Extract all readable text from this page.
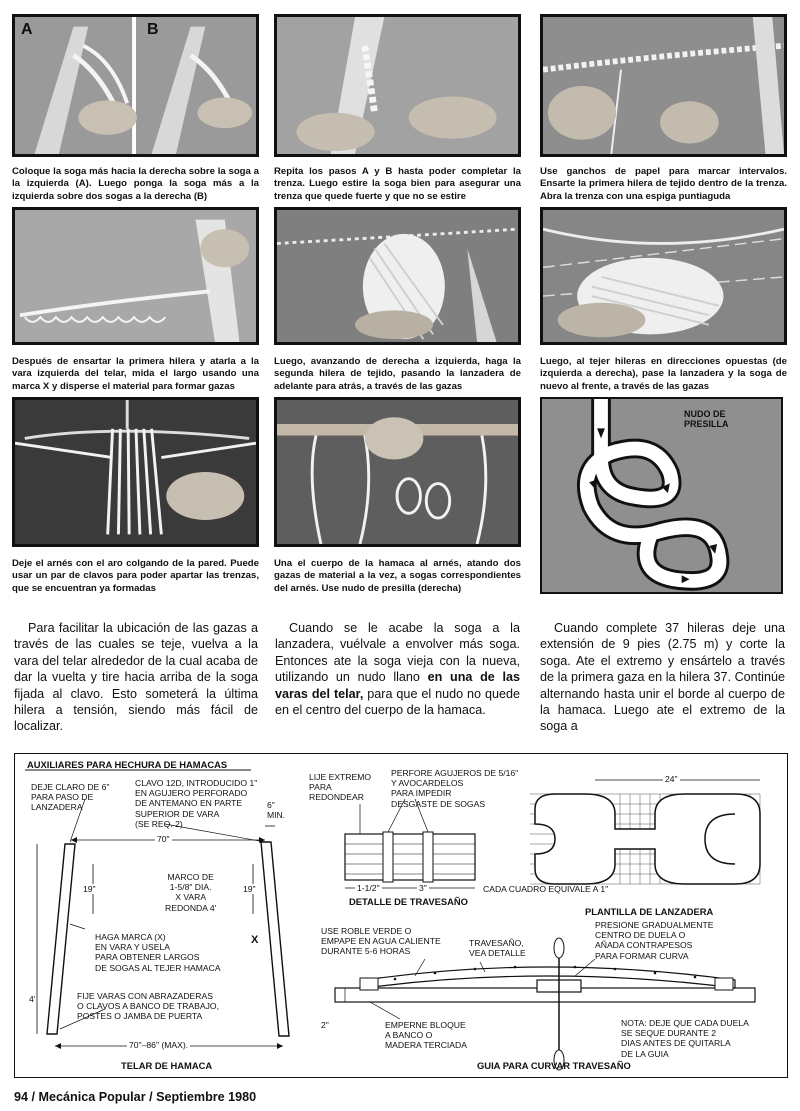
A	B
Coloque la soga más hacia la derecha sobre la soga a la izquierda (A). Luego ponga la soga más a la izquierda sobre dos sogas a la derecha (B)
Repita los pasos A y B hasta poder completar la trenza. Luego estire la soga bien para asegurar una trenza que quede fuerte y que no se estire
Use ganchos de papel para marcar intervalos. Ensarte la primera hilera de tejido dentro de la trenza. Abra la trenza con una espiga puntiaguda
Después de ensartar la primera hilera y atarla a la vara izquierda del telar, mida el largo usando una marca X y disperse el material para formar gazas
Luego, avanzando de derecha a izquierda, haga la segunda hilera de tejido, pasando la lanzadera de adelante para atrás, a través de las gazas
Luego, al tejer hileras en direcciones opuestas (de izquierda a derecha), pase la lanzadera y la soga de nuevo al frente, a través de las gazas
Deje el arnés con el aro colgando de la pared. Puede usar un par de clavos para poder apartar las trenzas, que se encuentran ya formadas
Una el cuerpo de la hamaca al arnés, atando dos gazas de material a la vez, a sogas correspondientes del arnés. Use nudo de presilla (derecha)
NUDO DE
PRESILLA
Para facilitar la ubicación de las gazas a través de las cuales se teje, vuelva a la vara del telar alrededor de la cual acaba de dar la vuelta y tire hacia arriba de la soga fijada al clavo. Esto someterá la última hilera a tensión, siendo más fácil de localizar.
Cuando se le acabe la soga a la lanzadera, vuélvale a envolver más soga. Entonces ate la soga vieja con la nueva, utilizando un nudo llano en una de las varas del telar, para que el nudo no quede en el centro del cuerpo de la hamaca.
Cuando complete 37 hileras deje una extensión de 9 pies (2.75 m) y corte la soga. Ate el extremo y ensártelo a través de la primera gaza en la hilera 37. Continúe alternando hasta unir el borde al cuerpo de la hamaca. Luego ate el extremo de la soga a
AUXILIARES PARA HECHURA DE HAMACAS
DEJE CLARO DE 6"
PARA PASO DE
LANZADERA
CLAVO 12D, INTRODUCIDO 1"
EN AGUJERO PERFORADO
DE ANTEMANO EN PARTE
SUPERIOR DE VARA
(SE REQ. 2)
6"
MIN.
70"
19"	19"
MARCO DE
1-5/8" DIA.
X VARA
REDONDA 4'
HAGA MARCA (X)
EN VARA Y USELA
PARA OBTENER LARGOS
DE SOGAS AL TEJER HAMACA
X
4'	FIJE VARAS CON ABRAZADERAS
O CLAVOS A BANCO DE TRABAJO,
POSTES O JAMBA DE PUERTA
70"–86" (MAX).
TELAR DE HAMACA
LIJE EXTREMO
PARA
REDONDEAR
PERFORE AGUJEROS DE 5/16"
Y AVOCARDELOS
PARA IMPEDIR
DESGASTE DE SOGAS
1-1/2"	3"
DETALLE DE TRAVESAÑO
24"
CADA CUADRO EQUIVALE A 1"
PLANTILLA DE LANZADERA
USE ROBLE VERDE O
EMPAPE EN AGUA CALIENTE
DURANTE 5-6 HORAS
TRAVESAÑO,
VEA DETALLE
PRESIONE GRADUALMENTE
CENTRO DE DUELA O
AÑADA CONTRAPESOS
PARA FORMAR CURVA
2"	EMPERNE BLOQUE
A BANCO O
MADERA TERCIADA
NOTA: DEJE QUE CADA DUELA
SE SEQUE DURANTE 2
DIAS ANTES DE QUITARLA
DE LA GUIA
GUIA PARA CURVAR TRAVESAÑO
94 / Mecánica Popular / Septiembre 1980
